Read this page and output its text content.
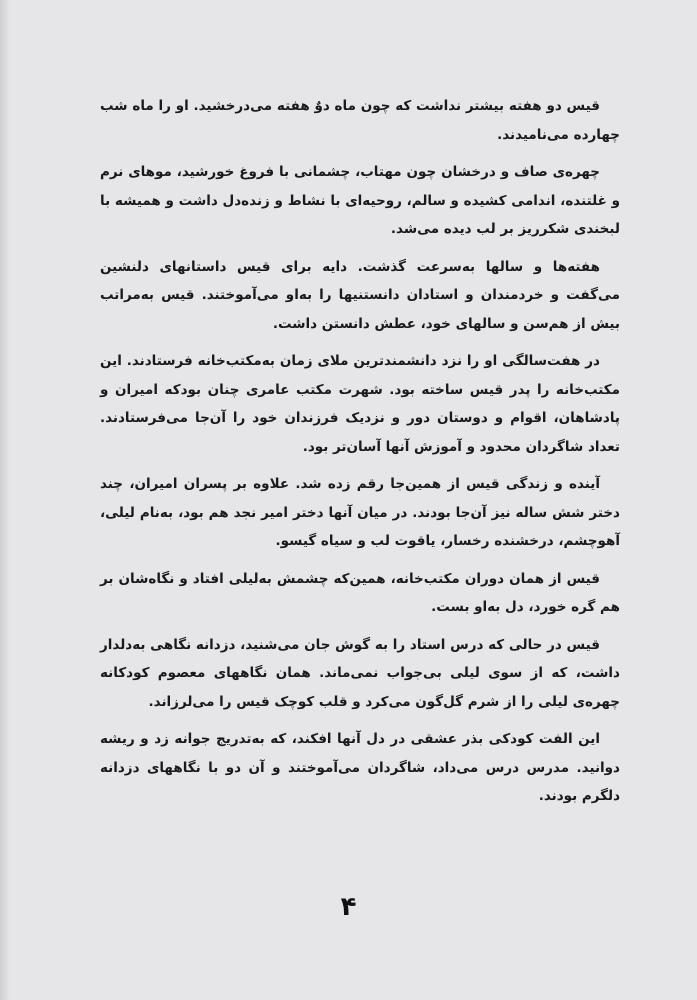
قیس دو هفته بیشتر نداشت که چون ماه دوٌ هفته می‌درخشید. او را ماه شب چهارده می‌نامیدند.

چهره‌ی صاف و درخشان چون مهتاب، چشمانی با فروغ خورشید، موهای نرم و غلتنده، اندامی کشیده و سالم، روحیه‌ای با نشاط و زنده‌دل داشت و همیشه با لبخندی شکرریز بر لب دیده می‌شد.

هفته‌ها و سالها به‌سرعت گذشت. دایه برای قیس داستانهای دلنشین می‌گفت و خردمندان و استادان دانستنیها را به‌او می‌آموختند. قیس به‌مراتب بیش از هم‌سن و سالهای خود، عطش دانستن داشت.

در هفت‌سالگی او را نزد دانشمندترین ملای زمان به‌مکتب‌خانه فرستادند. این مکتب‌خانه را پدر قیس ساخته بود. شهرت مکتب عامری چنان بودکه امیران و پادشاهان، اقوام و دوستان دور و نزدیک فرزندان خود را آن‌جا می‌فرستادند. تعداد شاگردان محدود و آموزش آنها آسان‌تر بود.

آینده و زندگی قیس از همین‌جا رقم زده شد. علاوه بر پسران امیران، چند دختر شش ساله نیز آن‌جا بودند. در میان آنها دختر امیر نجد هم بود، به‌نام لیلی، آهوچشم، درخشنده رخسار، یاقوت لب و سیاه گیسو.

قیس از همان دوران مکتب‌خانه، همین‌که چشمش به‌لیلی افتاد و نگاه‌شان بر هم گره خورد، دل به‌او بست.

قیس در حالی که درس استاد را به گوش جان می‌شنید، دزدانه نگاهی به‌دلدار داشت، که از سوی لیلی بی‌جواب نمی‌ماند. همان نگاههای معصوم کودکانه چهره‌ی لیلی را از شرم گل‌گون می‌کرد و قلب کوچک قیس را می‌لرزاند.

این الفت کودکی بذر عشقی در دل آنها افکند، که به‌تدریج جوانه زد و ریشه دوانید. مدرس درس می‌داد، شاگردان می‌آموختند و آن دو با نگاههای دزدانه دلگرم بودند.

۴
